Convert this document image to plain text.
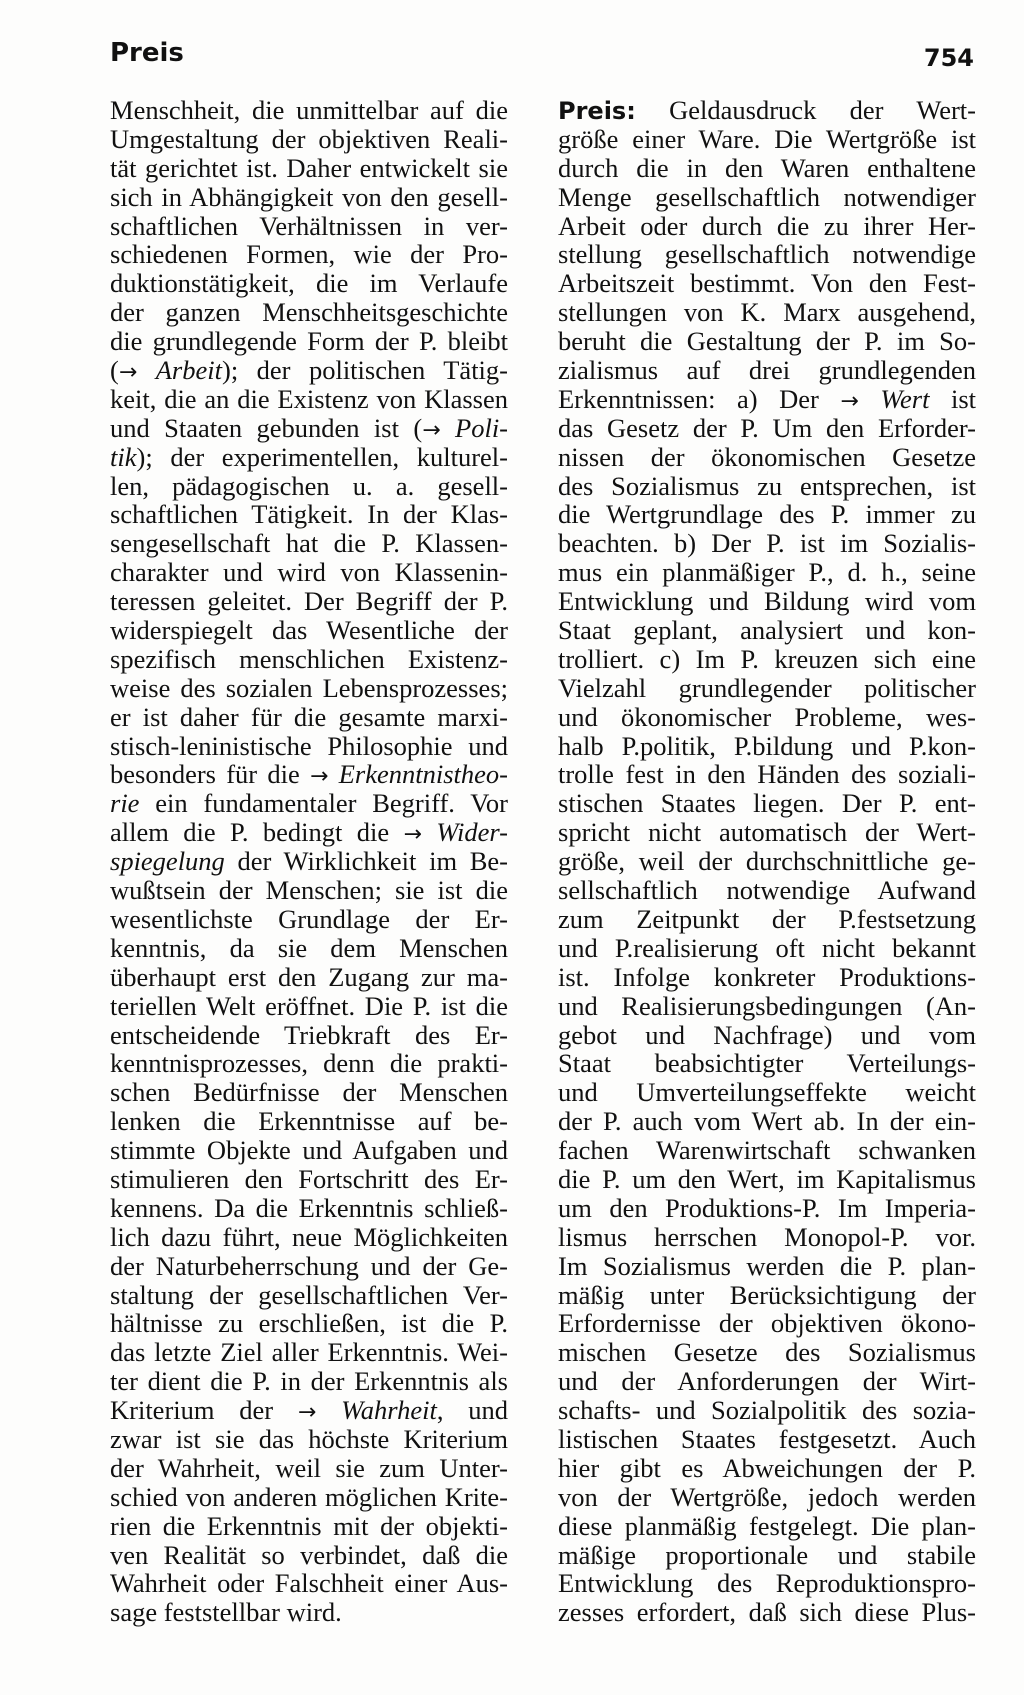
Preis	754
Menschheit, die unmittelbar auf die
Umgestaltung der objektiven Reali-
tät gerichtet ist. Daher entwickelt sie
sich in Abhängigkeit von den gesell-
schaftlichen Verhältnissen in ver-
schiedenen Formen, wie der Pro-
duktionstätigkeit, die im Verlaufe
der ganzen Menschheitsgeschichte
die grundlegende Form der P. bleibt
(→ Arbeit); der politischen Tätig-
keit, die an die Existenz von Klassen
und Staaten gebunden ist (→ Poli-
tik); der experimentellen, kulturel-
len, pädagogischen u. a. gesell-
schaftlichen Tätigkeit. In der Klas-
sengesellschaft hat die P. Klassen-
charakter und wird von Klassenin-
teressen geleitet. Der Begriff der P.
widerspiegelt das Wesentliche der
spezifisch menschlichen Existenz-
weise des sozialen Lebensprozesses;
er ist daher für die gesamte marxi-
stisch-leninistische Philosophie und
besonders für die → Erkenntnistheo-
rie ein fundamentaler Begriff. Vor
allem die P. bedingt die → Wider-
spiegelung der Wirklichkeit im Be-
wußtsein der Menschen; sie ist die
wesentlichste Grundlage der Er-
kenntnis, da sie dem Menschen
überhaupt erst den Zugang zur ma-
teriellen Welt eröffnet. Die P. ist die
entscheidende Triebkraft des Er-
kenntnisprozesses, denn die prakti-
schen Bedürfnisse der Menschen
lenken die Erkenntnisse auf be-
stimmte Objekte und Aufgaben und
stimulieren den Fortschritt des Er-
kennens. Da die Erkenntnis schließ-
lich dazu führt, neue Möglichkeiten
der Naturbeherrschung und der Ge-
staltung der gesellschaftlichen Ver-
hältnisse zu erschließen, ist die P.
das letzte Ziel aller Erkenntnis. Wei-
ter dient die P. in der Erkenntnis als
Kriterium der → Wahrheit, und
zwar ist sie das höchste Kriterium
der Wahrheit, weil sie zum Unter-
schied von anderen möglichen Krite-
rien die Erkenntnis mit der objekti-
ven Realität so verbindet, daß die
Wahrheit oder Falschheit einer Aus-
sage feststellbar wird.
Preis: Geldausdruck der Wert-
größe einer Ware. Die Wertgröße ist
durch die in den Waren enthaltene
Menge gesellschaftlich notwendiger
Arbeit oder durch die zu ihrer Her-
stellung gesellschaftlich notwendige
Arbeitszeit bestimmt. Von den Fest-
stellungen von K. Marx ausgehend,
beruht die Gestaltung der P. im So-
zialismus auf drei grundlegenden
Erkenntnissen: a) Der → Wert ist
das Gesetz der P. Um den Erforder-
nissen der ökonomischen Gesetze
des Sozialismus zu entsprechen, ist
die Wertgrundlage des P. immer zu
beachten. b) Der P. ist im Sozialis-
mus ein planmäßiger P., d. h., seine
Entwicklung und Bildung wird vom
Staat geplant, analysiert und kon-
trolliert. c) Im P. kreuzen sich eine
Vielzahl grundlegender politischer
und ökonomischer Probleme, wes-
halb P.politik, P.bildung und P.kon-
trolle fest in den Händen des soziali-
stischen Staates liegen. Der P. ent-
spricht nicht automatisch der Wert-
größe, weil der durchschnittliche ge-
sellschaftlich notwendige Aufwand
zum Zeitpunkt der P.festsetzung
und P.realisierung oft nicht bekannt
ist. Infolge konkreter Produktions-
und Realisierungsbedingungen (An-
gebot und Nachfrage) und vom
Staat beabsichtigter Verteilungs-
und Umverteilungseffekte weicht
der P. auch vom Wert ab. In der ein-
fachen Warenwirtschaft schwanken
die P. um den Wert, im Kapitalismus
um den Produktions-P. Im Imperia-
lismus herrschen Monopol-P. vor.
Im Sozialismus werden die P. plan-
mäßig unter Berücksichtigung der
Erfordernisse der objektiven ökono-
mischen Gesetze des Sozialismus
und der Anforderungen der Wirt-
schafts- und Sozialpolitik des sozia-
listischen Staates festgesetzt. Auch
hier gibt es Abweichungen der P.
von der Wertgröße, jedoch werden
diese planmäßig festgelegt. Die plan-
mäßige proportionale und stabile
Entwicklung des Reproduktionspro-
zesses erfordert, daß sich diese Plus-
